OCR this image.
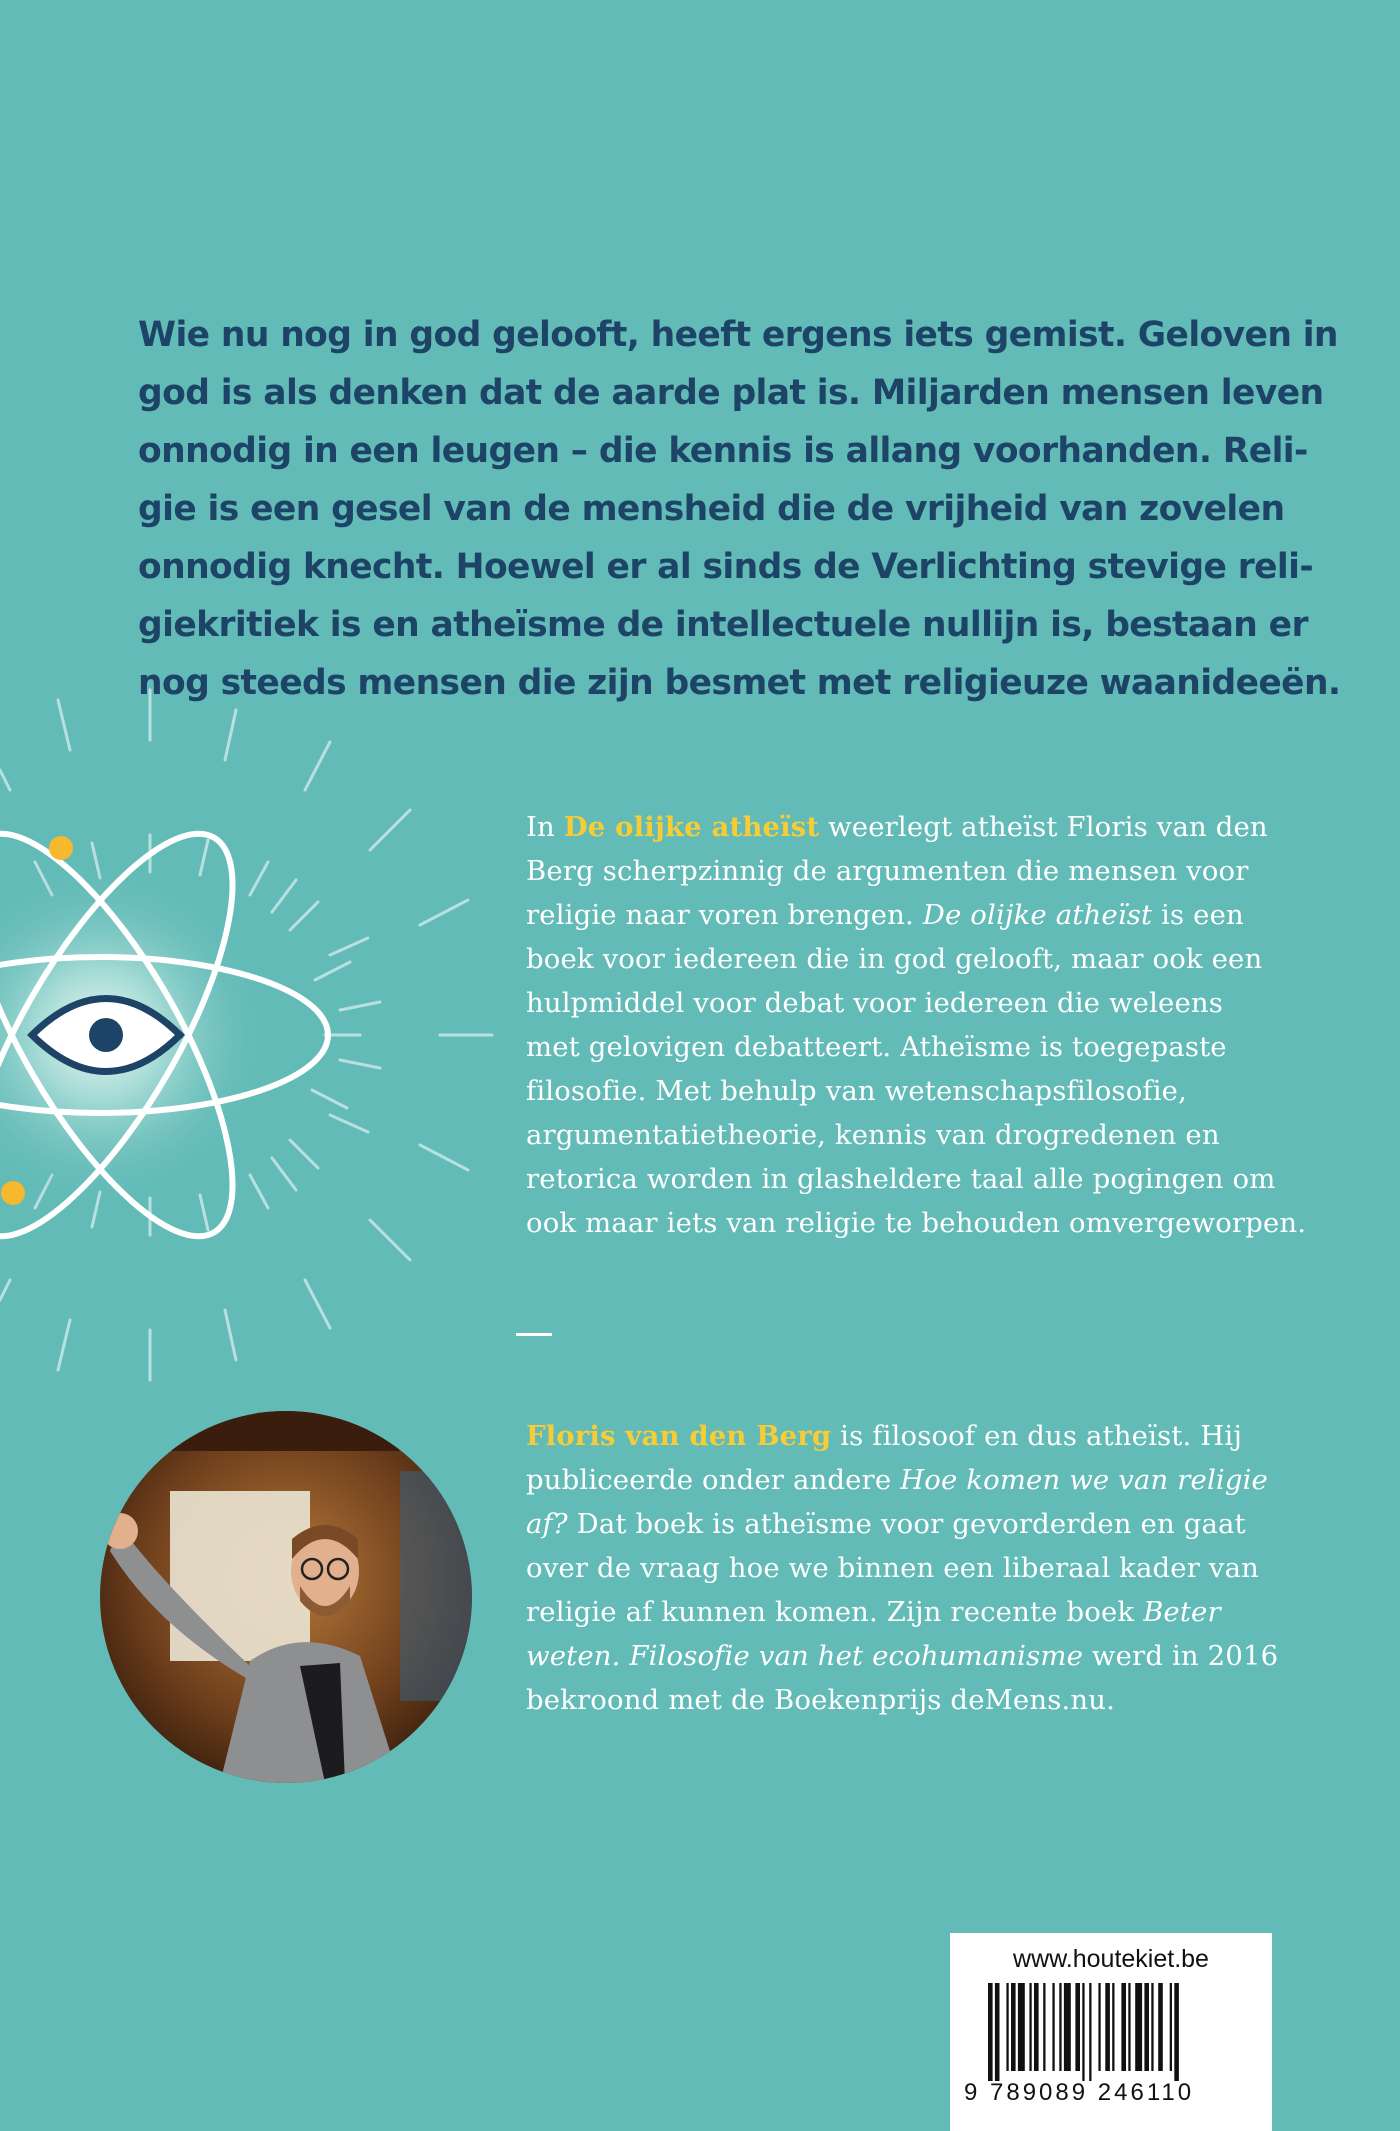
Wie nu nog in god gelooft, heeft ergens iets gemist. Geloven in
god is als denken dat de aarde plat is. Miljarden mensen leven
onnodig in een leugen – die kennis is allang voorhanden. Reli-
gie is een gesel van de mensheid die de vrijheid van zovelen
onnodig knecht. Hoewel er al sinds de Verlichting stevige reli-
giekritiek is en atheïsme de intellectuele nullijn is, bestaan er
nog steeds mensen die zijn besmet met religieuze waanideeën.

In De olijke atheïst weerlegt atheïst Floris van den
Berg scherpzinnig de argumenten die mensen voor
religie naar voren brengen. De olijke atheïst is een
boek voor iedereen die in god gelooft, maar ook een
hulpmiddel voor debat voor iedereen die weleens
met gelovigen debatteert. Atheïsme is toegepaste
filosofie. Met behulp van wetenschapsfilosofie,
argumentatietheorie, kennis van drogredenen en
retorica worden in glasheldere taal alle pogingen om
ook maar iets van religie te behouden omvergeworpen.
Floris van den Berg is filosoof en dus atheïst. Hij
publiceerde onder andere Hoe komen we van religie
af? Dat boek is atheïsme voor gevorderden en gaat
over de vraag hoe we binnen een liberaal kader van
religie af kunnen komen. Zijn recente boek Beter
weten. Filosofie van het ecohumanisme werd in 2016
bekroond met de Boekenprijs deMens.nu.
www.houtekiet.be
9 789089 246110
